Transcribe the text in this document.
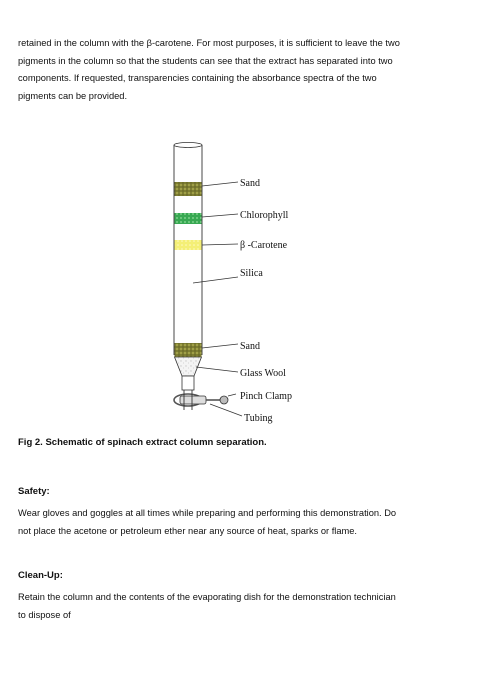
retained in the column with the β-carotene. For most purposes, it is sufficient to leave the two
pigments in the column so that the students can see that the extract has separated into two
components. If requested, transparencies containing the absorbance spectra of the two
pigments can be provided.
Sand
Chlorophyll
β -Carotene
Silica
Sand
Glass Wool
Pinch Clamp
Tubing
Fig 2. Schematic of spinach extract column separation.
Safety:
Wear gloves and goggles at all times while preparing and performing this demonstration. Do
not place the acetone or petroleum ether near any source of heat, sparks or flame.
Clean-Up:
Retain the column and the contents of the evaporating dish for the demonstration technician
to dispose of
